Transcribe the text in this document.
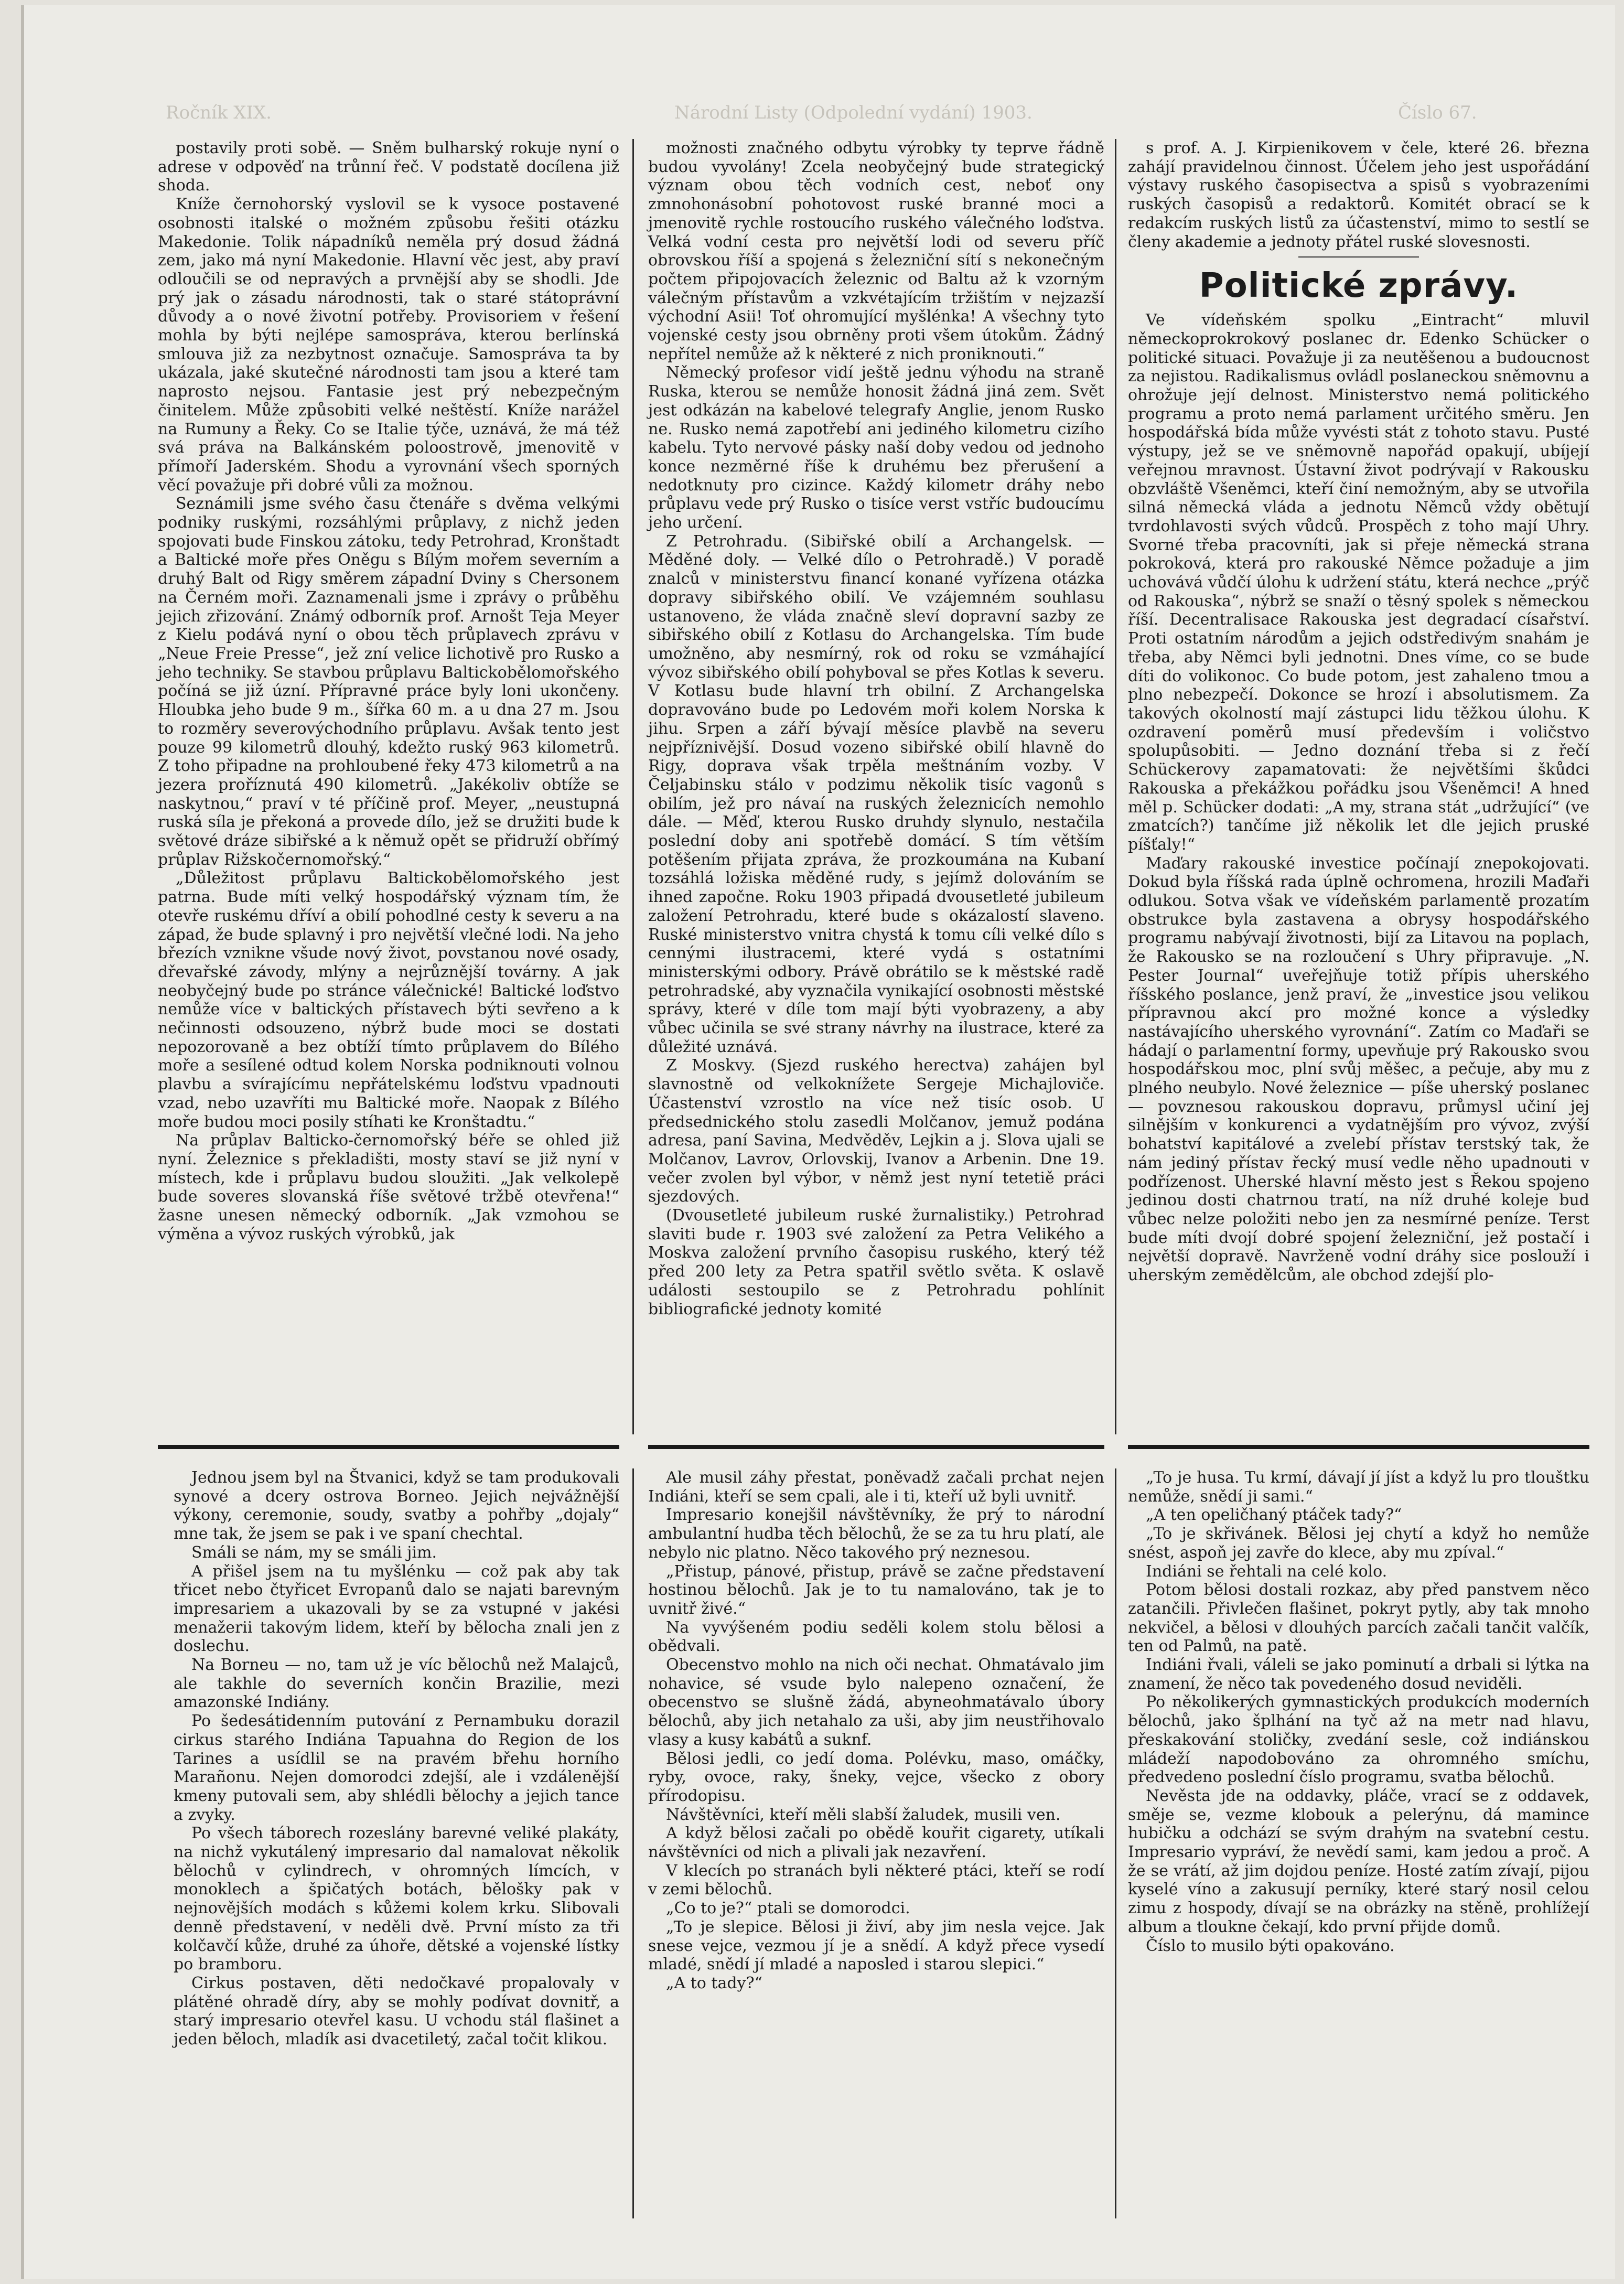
Ročník XIX.	Národní Listy (Odpolední vydání) 1903.	Číslo 67.

postavily proti sobě. — Sněm bulharský rokuje nyní o adrese v odpověď na trůnní řeč. V podstatě docílena již shoda.

Kníže černohorský vyslovil se k vysoce postavené osobnosti italské o možném způsobu řešiti otázku Makedonie. Tolik nápadníků neměla prý dosud žádná zem, jako má nyní Makedonie. Hlavní věc jest, aby praví odloučili se od nepravých a prvnější aby se shodli. Jde prý jak o zásadu národnosti, tak o staré státoprávní důvody a o nové životní potřeby. Provisoriem v řešení mohla by býti nejlépe samospráva, kterou berlínská smlouva již za nezbytnost označuje. Samospráva ta by ukázala, jaké skutečné národnosti tam jsou a které tam naprosto nejsou. Fantasie jest prý nebezpečným činitelem. Může způsobiti velké neštěstí. Kníže narážel na Rumuny a Řeky. Co se Italie týče, uznává, že má též svá práva na Balkánském poloostrově, jmenovitě v přímoří Jaderském. Shodu a vyrovnání všech sporných věcí považuje při dobré vůli za možnou.

Seznámili jsme svého času čtenáře s dvěma velkými podniky ruskými, rozsáhlými průplavy, z nichž jeden spojovati bude Finskou zátoku, tedy Petrohrad, Kronštadt a Baltické moře přes Oněgu s Bílým mořem severním a druhý Balt od Rigy směrem západní Dviny s Chersonem na Černém moři. Zaznamenali jsme i zprávy o průběhu jejich zřizování. Známý odborník prof. Arnošt Teja Meyer z Kielu podává nyní o obou těch průplavech zprávu v „Neue Freie Presse“, jež zní velice lichotivě pro Rusko a jeho techniky. Se stavbou průplavu Baltickobělomořského počíná se již úzní. Přípravné práce byly loni ukončeny. Hloubka jeho bude 9 m., šířka 60 m. a u dna 27 m. Jsou to rozměry severovýchodního průplavu. Avšak tento jest pouze 99 kilometrů dlouhý, kdežto ruský 963 kilometrů. Z toho připadne na prohloubené řeky 473 kilometrů a na jezera proříznutá 490 kilometrů. „Jakékoliv obtíže se naskytnou,“ praví v té příčině prof. Meyer, „neustupná ruská síla je překoná a provede dílo, jež se družiti bude k světové dráze sibiřské a k němuž opět se přidruží obřímý průplav Rižskočernomořský.“

„Důležitost průplavu Baltickobělomořského jest patrna. Bude míti velký hospodářský význam tím, že otevře ruskému dříví a obilí pohodlné cesty k severu a na západ, že bude splavný i pro největší vlečné lodi. Na jeho březích vznikne všude nový život, povstanou nové osady, dřevařské závody, mlýny a nejrůznější továrny. A jak neobyčejný bude po stránce válečnické! Baltické loďstvo nemůže více v baltických přístavech býti sevřeno a k nečinnosti odsouzeno, nýbrž bude moci se dostati nepozorovaně a bez obtíží tímto průplavem do Bílého moře a sesílené odtud kolem Norska podniknouti volnou plavbu a svírajícímu nepřátelskému loďstvu vpadnouti vzad, nebo uzavříti mu Baltické moře. Naopak z Bílého moře budou moci posily stíhati ke Kronštadtu.“

Na průplav Balticko-černomořský béře se ohled již nyní. Železnice s překladišti, mosty staví se již nyní v místech, kde i průplavu budou sloužiti. „Jak velkolepě bude soveres slovanská říše světové tržbě otevřena!“ žasne unesen německý odborník. „Jak vzmohou se výměna a vývoz ruských výrobků, jak

možnosti značného odbytu výrobky ty teprve řádně budou vyvolány! Zcela neobyčejný bude strategický význam obou těch vodních cest, neboť ony zmnohonásobní pohotovost ruské branné moci a jmenovitě rychle rostoucího ruského válečného loďstva. Velká vodní cesta pro největší lodi od severu příč obrovskou říší a spojená s železniční sítí s nekonečným počtem připojovacích železnic od Baltu až k vzorným válečným přístavům a vzkvétajícím tržištím v nejzazší východní Asii! Toť ohromující myšlénka! A všechny tyto vojenské cesty jsou obrněny proti všem útokům. Žádný nepřítel nemůže až k některé z nich proniknouti.“

Německý profesor vidí ještě jednu výhodu na straně Ruska, kterou se nemůže honosit žádná jiná zem. Svět jest odkázán na kabelové telegrafy Anglie, jenom Rusko ne. Rusko nemá zapotřebí ani jediného kilometru cizího kabelu. Tyto nervové pásky naší doby vedou od jednoho konce nezměrné říše k druhému bez přerušení a nedotknuty pro cizince. Každý kilometr dráhy nebo průplavu vede prý Rusko o tisíce verst vstříc budoucímu jeho určení.

Z Petrohradu. (Sibiřské obilí a Archangelsk. — Měděné doly. — Velké dílo o Petrohradě.) V poradě znalců v ministerstvu financí konané vyřízena otázka dopravy sibiřského obilí. Ve vzájemném souhlasu ustanoveno, že vláda značně sleví dopravní sazby ze sibiřského obilí z Kotlasu do Archangelska. Tím bude umožněno, aby nesmírný, rok od roku se vzmáhající vývoz sibiřského obilí pohyboval se přes Kotlas k severu. V Kotlasu bude hlavní trh obilní. Z Archangelska dopravováno bude po Ledovém moři kolem Norska k jihu. Srpen a září bývají měsíce plavbě na severu nejpříznivější. Dosud vozeno sibiřské obilí hlavně do Rigy, doprava však trpěla meštnáním vozby. V Čeljabinsku stálo v podzimu několik tisíc vagonů s obilím, jež pro návaí na ruských železnicích nemohlo dále. — Měď, kterou Rusko druhdy slynulo, nestačila poslední doby ani spotřebě domácí. S tím větším potěšením přijata zpráva, že prozkoumána na Kubaní tozsáhlá ložiska měděné rudy, s jejímž dolováním se ihned započne. Roku 1903 připadá dvousetleté jubileum založení Petrohradu, které bude s okázalostí slaveno. Ruské ministerstvo vnitra chystá k tomu cíli velké dílo s cennými ilustracemi, které vydá s ostatními ministerskými odbory. Právě obrátilo se k městské radě petrohradské, aby vyznačila vynikající osobnosti městské správy, které v díle tom mají býti vyobrazeny, a aby vůbec učinila se své strany návrhy na ilustrace, které za důležité uznává.

Z Moskvy. (Sjezd ruského herectva) zahájen byl slavnostně od velkoknížete Sergeje Michajloviče. Účastenství vzrostlo na více než tisíc osob. U předsednického stolu zasedli Molčanov, jemuž podána adresa, paní Savina, Medvěděv, Lejkin a j. Slova ujali se Molčanov, Lavrov, Orlovskij, Ivanov a Arbenin. Dne 19. večer zvolen byl výbor, v němž jest nyní tetetiě práci sjezdových.

(Dvousetleté jubileum ruské žurnalistiky.) Petrohrad slaviti bude r. 1903 své založení za Petra Velikého a Moskva založení prvního časopisu ruského, který též před 200 lety za Petra spatřil světlo světa. K oslavě události sestoupilo se z Petrohradu pohlínit bibliografické jednoty komité

s prof. A. J. Kirpienikovem v čele, které 26. března zahájí pravidelnou činnost. Účelem jeho jest uspořádání výstavy ruského časopisectva a spisů s vyobrazeními ruských časopisů a redaktorů. Komitét obrací se k redakcím ruských listů za účastenství, mimo to sestlí se členy akademie a jednoty přátel ruské slovesnosti.

Politické zprávy.

Ve vídeňském spolku „Eintracht“ mluvil německoprokrokový poslanec dr. Edenko Schücker o politické situaci. Považuje ji za neutěšenou a budoucnost za nejistou. Radikalismus ovládl poslaneckou sněmovnu a ohrožuje její delnost. Ministerstvo nemá politického programu a proto nemá parlament určitého směru. Jen hospodářská bída může vyvésti stát z tohoto stavu. Pusté výstupy, jež se ve sněmovně napořád opakují, ubíjejí veřejnou mravnost. Ústavní život podrývají v Rakousku obzvláště Všeněmci, kteří činí nemožným, aby se utvořila silná německá vláda a jednotu Němců vždy obětují tvrdohlavosti svých vůdců. Prospěch z toho mají Uhry. Svorné třeba pracovníti, jak si přeje německá strana pokroková, která pro rakouské Němce požaduje a jim uchovává vůdčí úlohu k udržení státu, která nechce „prýč od Rakouska“, nýbrž se snaží o těsný spolek s německou říší. Decentralisace Rakouska jest degradací císařství. Proti ostatním národům a jejich odstředivým snahám je třeba, aby Němci byli jednotni. Dnes víme, co se bude díti do volikonoc. Co bude potom, jest zahaleno tmou a plno nebezpečí. Dokonce se hrozí i absolutismem. Za takových okolností mají zástupci lidu těžkou úlohu. K ozdravení poměrů musí především i voličstvo spolupůsobiti. — Jedno doznání třeba si z řečí Schückerovy zapamatovati: že největšími škůdci Rakouska a překážkou pořádku jsou Všeněmci! A hned měl p. Schücker dodati: „A my, strana stát „udržující“ (ve zmatcích?) tančíme již několik let dle jejich pruské píšťaly!“

Maďary rakouské investice počínají znepokojovati. Dokud byla říšská rada úplně ochromena, hrozili Maďaři odlukou. Sotva však ve vídeňském parlamentě prozatím obstrukce byla zastavena a obrysy hospodářského programu nabývají životnosti, bijí za Litavou na poplach, že Rakousko se na rozloučení s Uhry připravuje. „N. Pester Journal“ uveřejňuje totiž přípis uherského říšského poslance, jenž praví, že „investice jsou velikou přípravnou akcí pro možné konce a výsledky nastávajícího uherského vyrovnání“. Zatím co Maďaři se hádají o parlamentní formy, upevňuje prý Rakousko svou hospodářskou moc, plní svůj měšec, a pečuje, aby mu z plného neubylo. Nové železnice — píše uherský poslanec — povznesou rakouskou dopravu, průmysl učiní jej silnějším v konkurenci a vydatnějším pro vývoz, zvýší bohatství kapitálové a zvelebí přístav terstský tak, že nám jediný přístav řecký musí vedle něho upadnouti v podřízenost. Uherské hlavní město jest s Řekou spojeno jedinou dosti chatrnou tratí, na níž druhé koleje bud vůbec nelze položiti nebo jen za nesmírné peníze. Terst bude míti dvojí dobré spojení železniční, jež postačí i největší dopravě. Navrženě vodní dráhy sice poslouží i uherským zemědělcům, ale obchod zdejší plo-

Jednou jsem byl na Štvanici, když se tam produkovali synové a dcery ostrova Borneo. Jejich nejvážnější výkony, ceremonie, soudy, svatby a pohřby „dojaly“ mne tak, že jsem se pak i ve spaní chechtal.

Smáli se nám, my se smáli jim.

A přišel jsem na tu myšlénku — což pak aby tak třicet nebo čtyřicet Evropanů dalo se najati barevným impresariem a ukazovali by se za vstupné v jakési menažerii takovým lidem, kteří by bělocha znali jen z doslechu.

Na Borneu — no, tam už je víc bělochů než Malajců, ale takhle do severních končin Brazilie, mezi amazonské Indiány.

Po šedesátidenním putování z Pernambuku dorazil cirkus starého Indiána Tapuahna do Region de los Tarines a usídlil se na pravém břehu horního Marañonu. Nejen domorodci zdejší, ale i vzdálenější kmeny putovali sem, aby shlédli bělochy a jejich tance a zvyky.

Po všech táborech rozeslány barevné veliké plakáty, na nichž vykutálený impresario dal namalovat několik bělochů v cylindrech, v ohromných límcích, v monoklech a špičatých botách, bělošky pak v nejnovějších modách s kůžemi kolem krku. Slibovali denně představení, v neděli dvě. První místo za tři kolčavčí kůže, druhé za úhoře, dětské a vojenské lístky po bramboru.

Cirkus postaven, děti nedočkavé propalovaly v plátěné ohradě díry, aby se mohly podívat dovnitř, a starý impresario otevřel kasu. U vchodu stál flašinet a jeden běloch, mladík asi dvacetiletý, začal točit klikou.

Ale musil záhy přestat, poněvadž začali prchat nejen Indiáni, kteří se sem cpali, ale i ti, kteří už byli uvnitř.

Impresario konejšil návštěvníky, že prý to národní ambulantní hudba těch bělochů, že se za tu hru platí, ale nebylo nic platno. Něco takového prý neznesou.

„Přistup, pánové, přistup, právě se začne představení hostinou bělochů. Jak je to tu namalováno, tak je to uvnitř živé.“

Na vyvýšeném podiu seděli kolem stolu bělosi a obědvali.

Obecenstvo mohlo na nich oči nechat. Ohmatávalo jim nohavice, sé vsude bylo nalepeno označení, že obecenstvo se slušně žádá, abyneohmatávalo úbory bělochů, aby jich netahalo za uši, aby jim neustřihovalo vlasy a kusy kabátů a suknf.

Bělosi jedli, co jedí doma. Polévku, maso, omáčky, ryby, ovoce, raky, šneky, vejce, všecko z obory přírodopisu.

Návštěvníci, kteří měli slabší žaludek, musili ven.

A když bělosi začali po obědě kouřit cigarety, utíkali návštěvníci od nich a plivali jak nezavření.

V klecích po stranách byli některé ptáci, kteří se rodí v zemi bělochů.

„Co to je?“ ptali se domorodci.

„To je slepice. Bělosi ji živí, aby jim nesla vejce. Jak snese vejce, vezmou jí je a snědí. A když přece vysedí mladé, snědí jí mladé a naposled i starou slepici.“

„A to tady?“

„To je husa. Tu krmí, dávají jí jíst a když lu pro tlouštku nemůže, snědí ji sami.“

„A ten opeličhaný ptáček tady?“

„To je skřivánek. Bělosi jej chytí a když ho nemůže snést, aspoň jej zavře do klece, aby mu zpíval.“

Indiáni se řehtali na celé kolo.

Potom bělosi dostali rozkaz, aby před panstvem něco zatančili. Přivlečen flašinet, pokryt pytly, aby tak mnoho nekvičel, a bělosi v dlouhých parcích začali tančit valčík, ten od Palmů, na patě.

Indiáni řvali, váleli se jako pominutí a drbali si lýtka na znamení, že něco tak povedeného dosud neviděli.

Po několikerých gymnastických produkcích moderních bělochů, jako šplhání na tyč až na metr nad hlavu, přeskakování stoličky, zvedání sesle, což indiánskou mládeží napodobováno za ohromného smíchu, předvedeno poslední číslo programu, svatba bělochů.

Nevěsta jde na oddavky, pláče, vrací se z oddavek, směje se, vezme klobouk a pelerýnu, dá mamince hubičku a odchází se svým drahým na svatební cestu. Impresario vypráví, že nevědí sami, kam jedou a proč. A že se vrátí, až jim dojdou peníze. Hosté zatím zívají, pijou kyselé víno a zakusují perníky, které starý nosil celou zimu z hospody, dívají se na obrázky na stěně, prohlížejí album a tloukne čekají, kdo první přijde domů.

Číslo to musilo býti opakováno.
